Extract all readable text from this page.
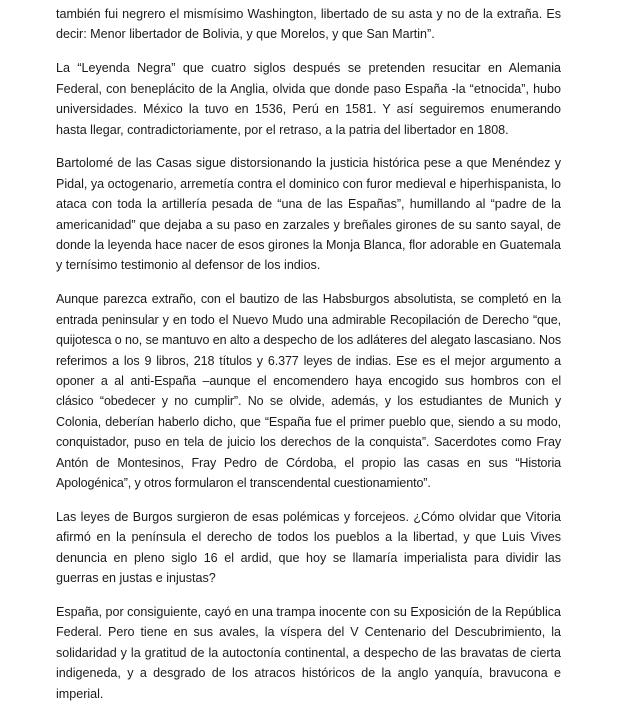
también fui negrero el mismísimo Washington, libertado de su asta y no de la extraña. Es decir: Menor libertador de Bolivia, y que Morelos, y que San Martin”.

La “Leyenda Negra” que cuatro siglos después se pretenden resucitar en Alemania Federal, con beneplácito de la Anglia, olvida que donde paso España -la “etnocida”, hubo universidades. México la tuvo en 1536, Perú en 1581. Y así seguiremos enumerando hasta llegar, contradictoriamente, por el retraso, a la patria del libertador en 1808.

Bartolomé de las Casas sigue distorsionando la justicia histórica pese a que Menéndez y Pidal, ya octogenario, arremetía contra el dominico con furor medieval e hiperhispanista, lo ataca con toda la artillería pesada de “una de las Españas”, humillando al “padre de la americanidad” que dejaba a su paso en zarzales y breñales girones de su santo sayal, de donde la leyenda hace nacer de esos girones la Monja Blanca, flor adorable en Guatemala y ternísimo testimonio al defensor de los indios.

Aunque parezca extraño, con el bautizo de las Habsburgos absolutista, se completó en la entrada peninsular y en todo el Nuevo Mudo una admirable Recopilación de Derecho “que, quijotesca o no, se mantuvo en alto a despecho de los adláteres del alegato lascasiano. Nos referimos a los 9 libros, 218 títulos y 6.377 leyes de indias. Ese es el mejor argumento a oponer a al anti-España –aunque el encomendero haya encogido sus hombros con el clásico “obedecer y no cumplir”. No se olvide, además, y los estudiantes de Munich y Colonia, deberían haberlo dicho, que “España fue el primer pueblo que, siendo a su modo, conquistador, puso en tela de juicio los derechos de la conquista”. Sacerdotes como Fray Antón de Montesinos, Fray Pedro de Córdoba, el propio las casas en sus “Historia Apologénica”, y otros formularon el transcendental cuestionamiento”.

Las leyes de Burgos surgieron de esas polémicas y forcejeos. ¿Cómo olvidar que Vitoria afirmó en la península el derecho de todos los pueblos a la libertad, y que Luis Vives denuncia en pleno siglo 16 el ardid, que hoy se llamaría imperialista para dividir las guerras en justas e injustas?

España, por consiguiente, cayó en una trampa inocente con su Exposición de la República Federal. Pero tiene en sus avales, la víspera del V Centenario del Descubrimiento, la solidaridad y la gratitud de la autoctonía continental, a despecho de las bravatas de cierta indigeneda, y a desgrado de los atracos históricos de la anglo yanquía, bravucona e imperial.
